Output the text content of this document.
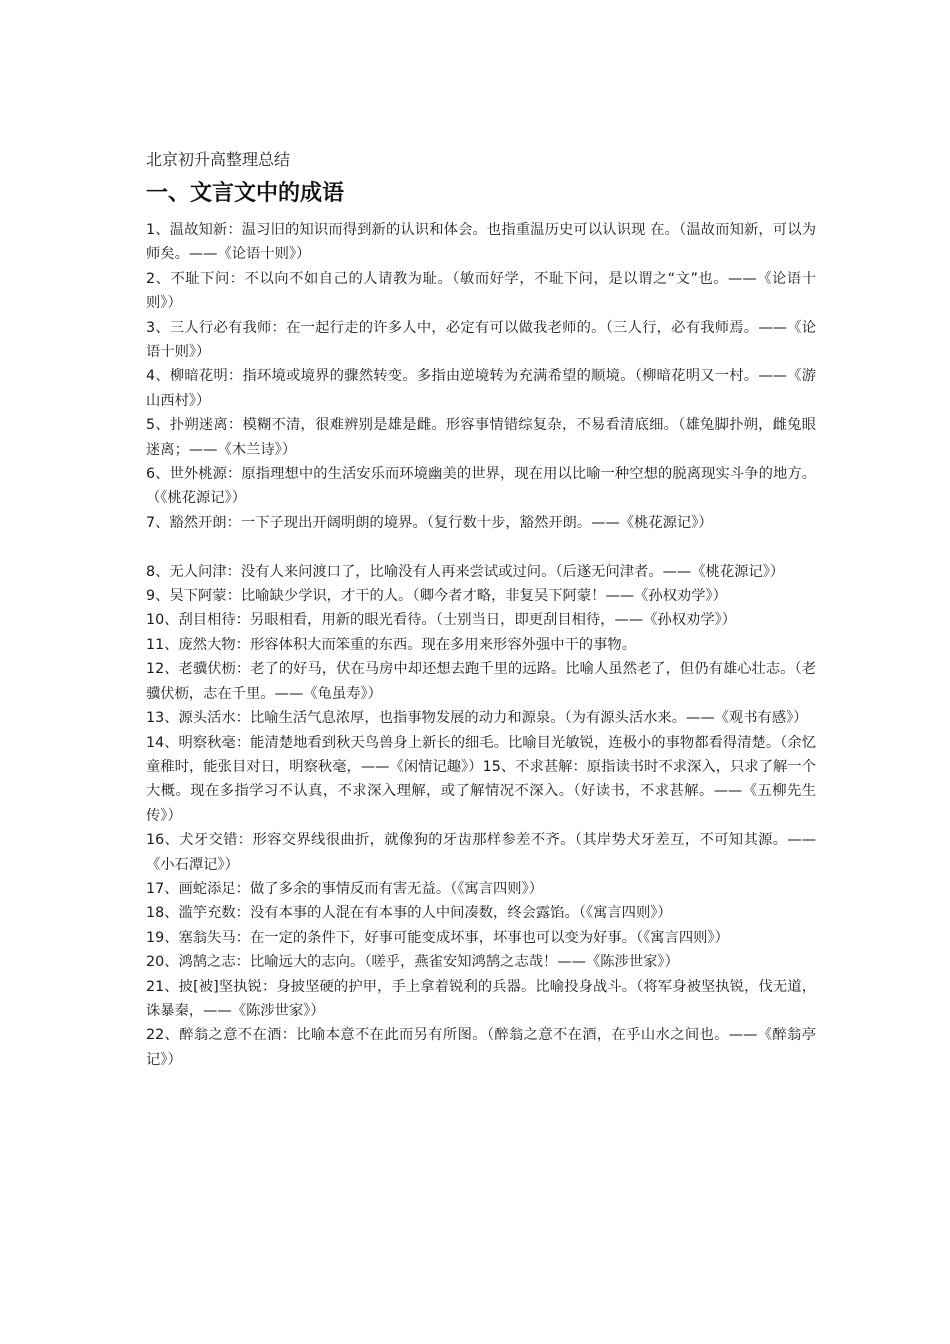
北京初升高整理总结

一、文言文中的成语

1、温故知新：温习旧的知识而得到新的认识和体会。也指重温历史可以认识现 在。（温故而知新，可以为师矣。——《论语十则》）

2、不耻下问：不以向不如自己的人请教为耻。（敏而好学，不耻下问，是以谓之“文”也。——《论语十则》）

3、三人行必有我师：在一起行走的许多人中，必定有可以做我老师的。（三人行，必有我师焉。——《论语十则》）

4、柳暗花明：指环境或境界的骤然转变。多指由逆境转为充满希望的顺境。（柳暗花明又一村。——《游山西村》）

5、扑朔迷离：模糊不清，很难辨别是雄是雌。形容事情错综复杂，不易看清底细。（雄兔脚扑朔，雌兔眼迷离；——《木兰诗》）

6、世外桃源：原指理想中的生活安乐而环境幽美的世界，现在用以比喻一种空想的脱离现实斗争的地方。（《桃花源记》）

7、豁然开朗：一下子现出开阔明朗的境界。（复行数十步，豁然开朗。——《桃花源记》）

8、无人问津：没有人来问渡口了，比喻没有人再来尝试或过问。（后遂无问津者。——《桃花源记》）

9、吴下阿蒙：比喻缺少学识，才干的人。（卿今者才略，非复吴下阿蒙！——《孙权劝学》）

10、刮目相待：另眼相看，用新的眼光看待。（士别当日，即更刮目相待，——《孙权劝学》）

11、庞然大物：形容体积大而笨重的东西。现在多用来形容外强中干的事物。

12、老骥伏枥：老了的好马，伏在马房中却还想去跑千里的远路。比喻人虽然老了，但仍有雄心壮志。（老骥伏枥，志在千里。——《龟虽寿》）

13、源头活水：比喻生活气息浓厚，也指事物发展的动力和源泉。（为有源头活水来。——《观书有感》）

14、明察秋毫：能清楚地看到秋天鸟兽身上新长的细毛。比喻目光敏锐，连极小的事物都看得清楚。（余忆童稚时，能张目对日，明察秋毫，——《闲情记趣》）15、不求甚解：原指读书时不求深入，只求了解一个大概。现在多指学习不认真，不求深入理解，或了解情况不深入。（好读书，不求甚解。——《五柳先生传》）

16、犬牙交错：形容交界线很曲折，就像狗的牙齿那样参差不齐。（其岸势犬牙差互，不可知其源。——《小石潭记》）

17、画蛇添足：做了多余的事情反而有害无益。（《寓言四则》）

18、滥竽充数：没有本事的人混在有本事的人中间凑数，终会露馅。（《寓言四则》）

19、塞翁失马：在一定的条件下，好事可能变成坏事，坏事也可以变为好事。（《寓言四则》）

20、鸿鹄之志：比喻远大的志向。（嗟乎，燕雀安知鸿鹄之志哉！——《陈涉世家》）

21、披[被]坚执锐：身披坚硬的护甲，手上拿着锐利的兵器。比喻投身战斗。（将军身被坚执锐，伐无道，诛暴秦，——《陈涉世家》）

22、醉翁之意不在酒：比喻本意不在此而另有所图。（醉翁之意不在酒，在乎山水之间也。——《醉翁亭记》）
